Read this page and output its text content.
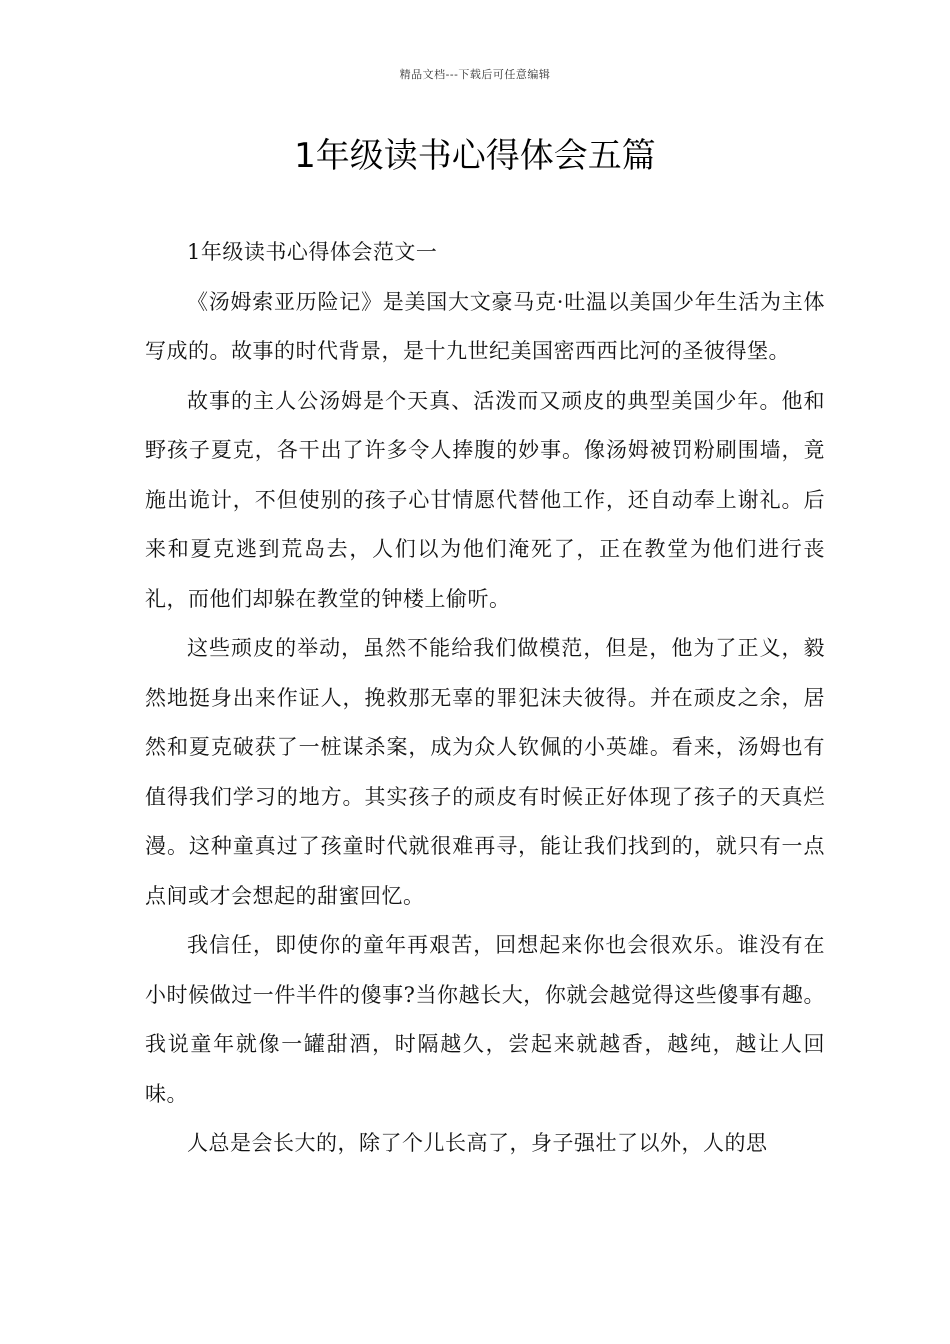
精品文档---下载后可任意编辑
1年级读书心得体会五篇

1年级读书心得体会范文一

《汤姆索亚历险记》是美国大文豪马克·吐温以美国少年生活为主体写成的。故事的时代背景，是十九世纪美国密西西比河的圣彼得堡。

故事的主人公汤姆是个天真、活泼而又顽皮的典型美国少年。他和野孩子夏克，各干出了许多令人捧腹的妙事。像汤姆被罚粉刷围墙，竟施出诡计，不但使别的孩子心甘情愿代替他工作，还自动奉上谢礼。后来和夏克逃到荒岛去，人们以为他们淹死了，正在教堂为他们进行丧礼，而他们却躲在教堂的钟楼上偷听。

这些顽皮的举动，虽然不能给我们做模范，但是，他为了正义，毅然地挺身出来作证人，挽救那无辜的罪犯沫夫彼得。并在顽皮之余，居然和夏克破获了一桩谋杀案，成为众人钦佩的小英雄。看来，汤姆也有值得我们学习的地方。其实孩子的顽皮有时候正好体现了孩子的天真烂漫。这种童真过了孩童时代就很难再寻，能让我们找到的，就只有一点点间或才会想起的甜蜜回忆。

我信任，即使你的童年再艰苦，回想起来你也会很欢乐。谁没有在小时候做过一件半件的傻事?当你越长大，你就会越觉得这些傻事有趣。我说童年就像一罐甜酒，时隔越久，尝起来就越香，越纯，越让人回味。

人总是会长大的，除了个儿长高了，身子强壮了以外，人的思
